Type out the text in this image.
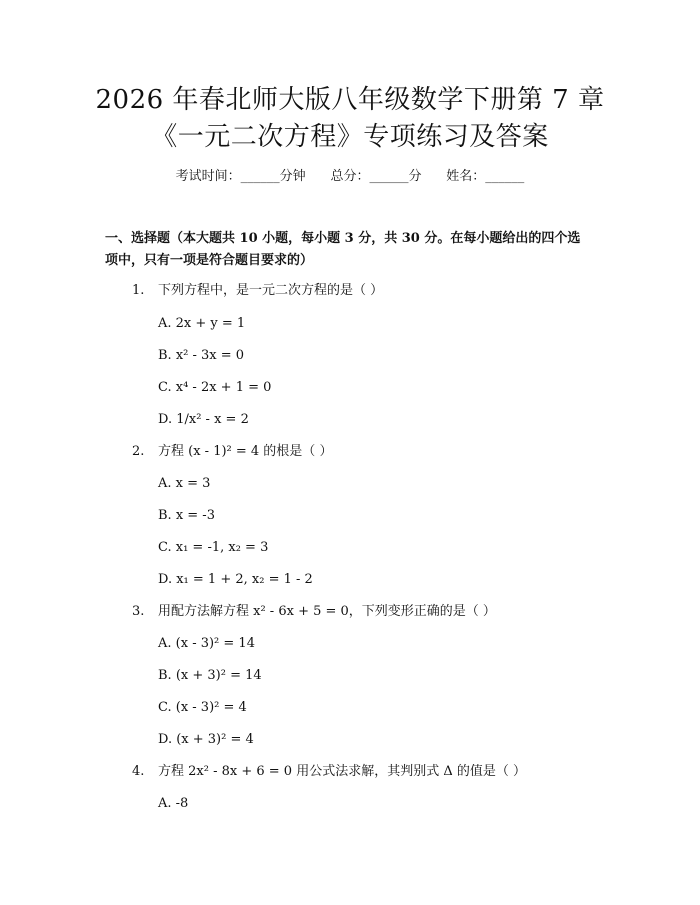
2026 年春北师大版八年级数学下册第 7 章
《一元二次方程》专项练习及答案
考试时间：______分钟 总分：______分 姓名：______
一、选择题（本大题共 10 小题，每小题 3 分，共 30 分。在每小题给出的四个选
项中，只有一项是符合题目要求的）
1.	下列方程中，是一元二次方程的是（ ）
A. 2x + y = 1
B. x² - 3x = 0
C. x⁴ - 2x + 1 = 0
D. 1/x² - x = 2
2.	方程 (x - 1)² = 4 的根是（ ）
A. x = 3
B. x = -3
C. x₁ = -1, x₂ = 3
D. x₁ = 1 + 2, x₂ = 1 - 2
3.	用配方法解方程 x² - 6x + 5 = 0，下列变形正确的是（ ）
A. (x - 3)² = 14
B. (x + 3)² = 14
C. (x - 3)² = 4
D. (x + 3)² = 4
4.	方程 2x² - 8x + 6 = 0 用公式法求解，其判别式 Δ 的值是（ ）
A. -8
